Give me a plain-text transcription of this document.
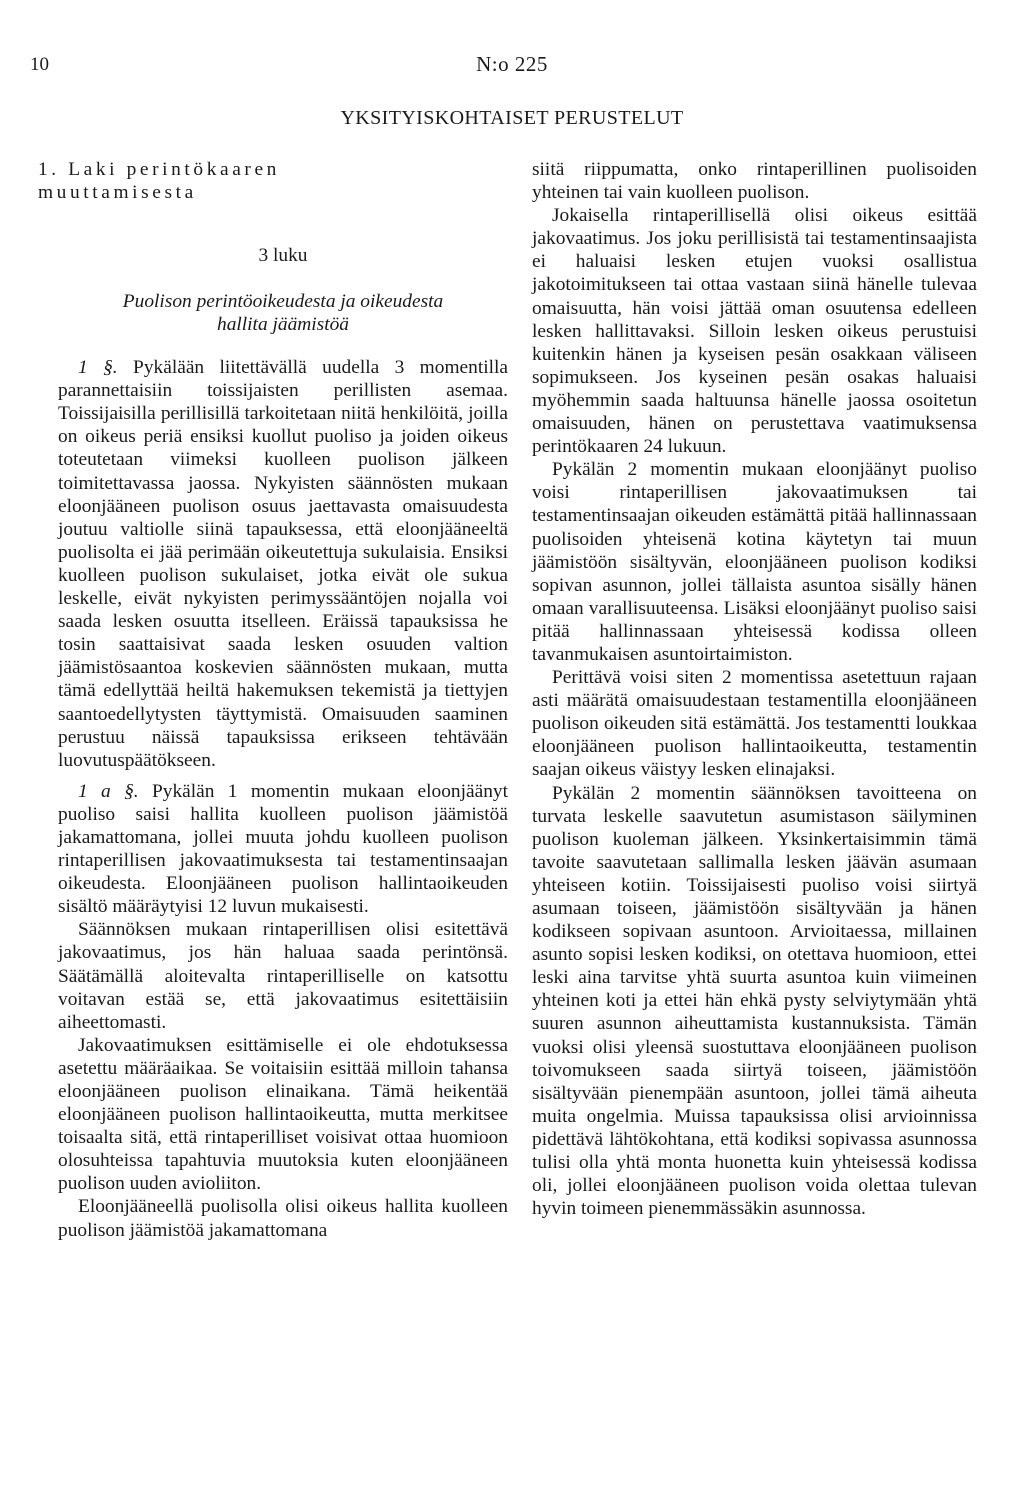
10	N:o 225
YKSITYISKOHTAISET PERUSTELUT
1. Laki perintökaaren
muuttamisesta
3 luku
Puolison perintöoikeudesta ja oikeudesta
hallita jäämistöä

1 §. Pykälään liitettävällä uudella 3 momentilla parannettaisiin toissijaisten perillisten asemaa. Toissijaisilla perillisillä tarkoitetaan niitä henkilöitä, joilla on oikeus periä ensiksi kuollut puoliso ja joiden oikeus toteutetaan viimeksi kuolleen puolison jälkeen toimitettavassa jaossa. Nykyisten säännösten mukaan eloonjääneen puolison osuus jaettavasta omaisuudesta joutuu valtiolle siinä tapauksessa, että eloonjääneeltä puolisolta ei jää perimään oikeutettuja sukulaisia. Ensiksi kuolleen puolison sukulaiset, jotka eivät ole sukua leskelle, eivät nykyisten perimyssääntöjen nojalla voi saada lesken osuutta itselleen. Eräissä tapauksissa he tosin saattaisivat saada lesken osuuden valtion jäämistösaantoa koskevien säännösten mukaan, mutta tämä edellyttää heiltä hakemuksen tekemistä ja tiettyjen saantoedellytysten täyttymistä. Omaisuuden saaminen perustuu näissä tapauksissa erikseen tehtävään luovutuspäätökseen.

1 a §. Pykälän 1 momentin mukaan eloonjäänyt puoliso saisi hallita kuolleen puolison jäämistöä jakamattomana, jollei muuta johdu kuolleen puolison rintaperillisen jakovaatimuksesta tai testamentinsaajan oikeudesta. Eloonjääneen puolison hallintaoikeuden sisältö määräytyisi 12 luvun mukaisesti.

Säännöksen mukaan rintaperillisen olisi esitettävä jakovaatimus, jos hän haluaa saada perintönsä. Säätämällä aloitevalta rintaperilliselle on katsottu voitavan estää se, että jakovaatimus esitettäisiin aiheettomasti.

Jakovaatimuksen esittämiselle ei ole ehdotuksessa asetettu määräaikaa. Se voitaisiin esittää milloin tahansa eloonjääneen puolison elinaikana. Tämä heikentää eloonjääneen puolison hallintaoikeutta, mutta merkitsee toisaalta sitä, että rintaperilliset voisivat ottaa huomioon olosuhteissa tapahtuvia muutoksia kuten eloonjääneen puolison uuden avioliiton.

Eloonjääneellä puolisolla olisi oikeus hallita kuolleen puolison jäämistöä jakamattomana

siitä riippumatta, onko rintaperillinen puolisoiden yhteinen tai vain kuolleen puolison.

Jokaisella rintaperillisellä olisi oikeus esittää jakovaatimus. Jos joku perillisistä tai testamentinsaajista ei haluaisi lesken etujen vuoksi osallistua jakotoimitukseen tai ottaa vastaan siinä hänelle tulevaa omaisuutta, hän voisi jättää oman osuutensa edelleen lesken hallittavaksi. Silloin lesken oikeus perustuisi kuitenkin hänen ja kyseisen pesän osakkaan väliseen sopimukseen. Jos kyseinen pesän osakas haluaisi myöhemmin saada haltuunsa hänelle jaossa osoitetun omaisuuden, hänen on perustettava vaatimuksensa perintökaaren 24 lukuun.

Pykälän 2 momentin mukaan eloonjäänyt puoliso voisi rintaperillisen jakovaatimuksen tai testamentinsaajan oikeuden estämättä pitää hallinnassaan puolisoiden yhteisenä kotina käytetyn tai muun jäämistöön sisältyvän, eloonjääneen puolison kodiksi sopivan asunnon, jollei tällaista asuntoa sisälly hänen omaan varallisuuteensa. Lisäksi eloonjäänyt puoliso saisi pitää hallinnassaan yhteisessä kodissa olleen tavanmukaisen asuntoirtaimiston.

Perittävä voisi siten 2 momentissa asetettuun rajaan asti määrätä omaisuudestaan testamentilla eloonjääneen puolison oikeuden sitä estämättä. Jos testamentti loukkaa eloonjääneen puolison hallintaoikeutta, testamentin saajan oikeus väistyy lesken elinajaksi.

Pykälän 2 momentin säännöksen tavoitteena on turvata leskelle saavutetun asumistason säilyminen puolison kuoleman jälkeen. Yksinkertaisimmin tämä tavoite saavutetaan sallimalla lesken jäävän asumaan yhteiseen kotiin. Toissijaisesti puoliso voisi siirtyä asumaan toiseen, jäämistöön sisältyvään ja hänen kodikseen sopivaan asuntoon. Arvioitaessa, millainen asunto sopisi lesken kodiksi, on otettava huomioon, ettei leski aina tarvitse yhtä suurta asuntoa kuin viimeinen yhteinen koti ja ettei hän ehkä pysty selviytymään yhtä suuren asunnon aiheuttamista kustannuksista. Tämän vuoksi olisi yleensä suostuttava eloonjääneen puolison toivomukseen saada siirtyä toiseen, jäämistöön sisältyvään pienempään asuntoon, jollei tämä aiheuta muita ongelmia. Muissa tapauksissa olisi arvioinnissa pidettävä lähtökohtana, että kodiksi sopivassa asunnossa tulisi olla yhtä monta huonetta kuin yhteisessä kodissa oli, jollei eloonjääneen puolison voida olettaa tulevan hyvin toimeen pienemmässäkin asunnossa.
